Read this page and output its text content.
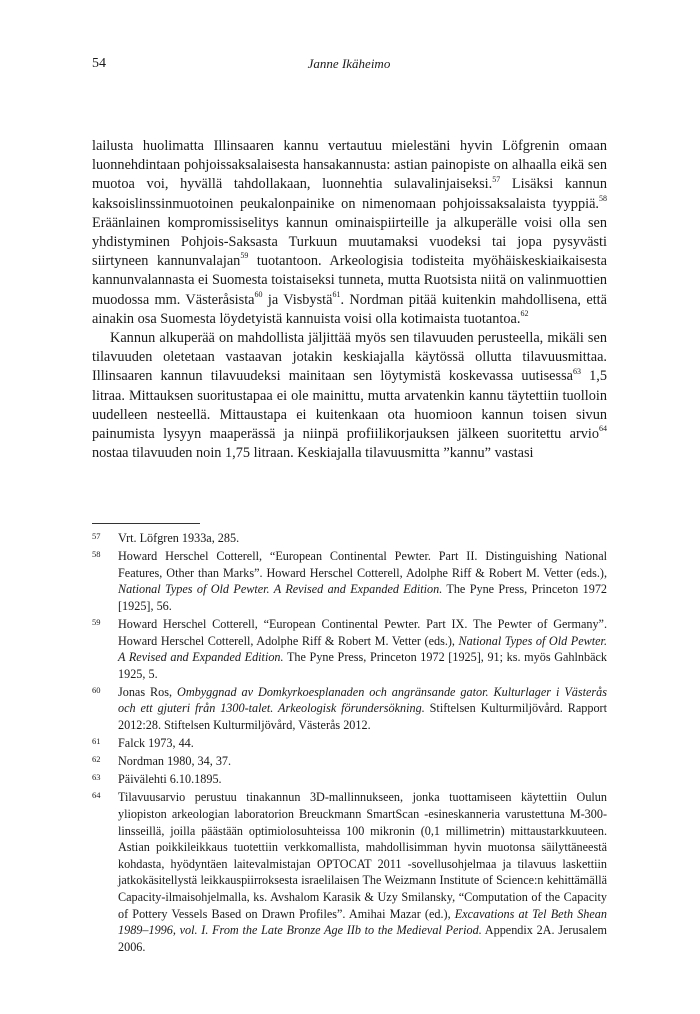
54	Janne Ikäheimo

lailusta huolimatta Illinsaaren kannu vertautuu mielestäni hyvin Löfgrenin omaan luonnehdintaan pohjoissaksalaisesta hansakannusta: astian painopiste on alhaalla eikä sen muotoa voi, hyvällä tahdollakaan, luonnehtia sulavalinjaiseksi.$^{57}$ Lisäksi kannun kaksoislinssinmuotoinen peukalonpainike on nimenomaan pohjoissaksalaista tyyppiä.$^{58}$ Eräänlainen kompromissiselitys kannun ominaispiirteille ja alkuperälle voisi olla sen yhdistyminen Pohjois-Saksasta Turkuun muutamaksi vuodeksi tai jopa pysyvästi siirtyneen kannunvalajan$^{59}$ tuotantoon. Arkeologisia todisteita myöhäiskeskiaikaisesta kannunvalannasta ei Suomesta toistaiseksi tunneta, mutta Ruotsista niitä on valinmuottien muodossa mm. Västeråsista$^{60}$ ja Visbystä$^{61}$. Nordman pitää kuitenkin mahdollisena, että ainakin osa Suomesta löydetyistä kannuista voisi olla kotimaista tuotantoa.$^{62}$

Kannun alkuperää on mahdollista jäljittää myös sen tilavuuden perusteella, mikäli sen tilavuuden oletetaan vastaavan jotakin keskiajalla käytössä ollutta tilavuusmittaa. Illinsaaren kannun tilavuudeksi mainitaan sen löytymistä koskevassa uutisessa$^{63}$ 1,5 litraa. Mittauksen suoritustapaa ei ole mainittu, mutta arvatenkin kannu täytettiin tuolloin uudelleen nesteellä. Mittaustapa ei kuitenkaan ota huomioon kannun toisen sivun painumista lysyyn maaperässä ja niinpä profiilikorjauksen jälkeen suoritettu arvio$^{64}$ nostaa tilavuuden noin 1,75 litraan. Keskiajalla tilavuusmitta ”kannu” vastasi

57	Vrt. Löfgren 1933a, 285.
58	Howard Herschel Cotterell, “European Continental Pewter. Part II. Distinguishing National Features, Other than Marks”. Howard Herschel Cotterell, Adolphe Riff & Robert M. Vetter (eds.), National Types of Old Pewter. A Revised and Expanded Edition. The Pyne Press, Princeton 1972 [1925], 56.
59	Howard Herschel Cotterell, “European Continental Pewter. Part IX. The Pewter of Germany”. Howard Herschel Cotterell, Adolphe Riff & Robert M. Vetter (eds.), National Types of Old Pewter. A Revised and Expanded Edition. The Pyne Press, Princeton 1972 [1925], 91; ks. myös Gahlnbäck 1925, 5.
60	Jonas Ros, Ombyggnad av Domkyrkoesplanaden och angränsande gator. Kulturlager i Västerås och ett gjuteri från 1300-talet. Arkeologisk förundersökning. Stiftelsen Kulturmiljövård. Rapport 2012:28. Stiftelsen Kulturmiljövård, Västerås 2012.
61	Falck 1973, 44.
62	Nordman 1980, 34, 37.
63	Päivälehti 6.10.1895.
64	Tilavuusarvio perustuu tinakannun 3D-mallinnukseen, jonka tuottamiseen käytettiin Oulun yliopiston arkeologian laboratorion Breuckmann SmartScan -esineskanneria varustettuna M-300-linsseillä, joilla päästään optimiolosuhteissa 100 mikronin (0,1 millimetrin) mittaustarkkuuteen. Astian poikkileikkaus tuotettiin verkkomallista, mahdollisimman hyvin muotonsa säilyttäneestä kohdasta, hyödyntäen laitevalmistajan OPTOCAT 2011 -sovellusohjelmaa ja tilavuus laskettiin jatkokäsitellystä leikkauspiirroksesta israelilaisen The Weizmann Institute of Science:n kehittämällä Capacity-ilmaisohjelmalla, ks. Avshalom Karasik & Uzy Smilansky, “Computation of the Capacity of Pottery Vessels Based on Drawn Profiles”. Amihai Mazar (ed.), Excavations at Tel Beth Shean 1989–1996, vol. I. From the Late Bronze Age IIb to the Medieval Period. Appendix 2A. Jerusalem 2006.
